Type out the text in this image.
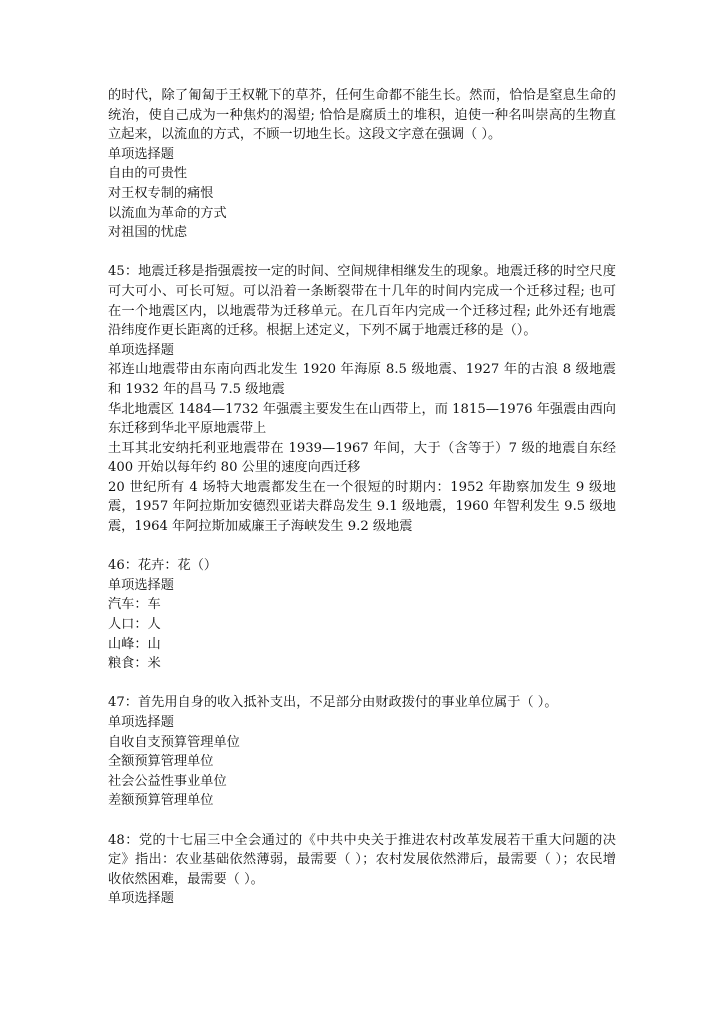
的时代，除了匍匐于王权靴下的草芥，任何生命都不能生长。然而，恰恰是窒息生命的统治，使自己成为一种焦灼的渴望; 恰恰是腐质土的堆积，迫使一种名叫崇高的生物直立起来，以流血的方式，不顾一切地生长。这段文字意在强调（ ）。

单项选择题

自由的可贵性

对王权专制的痛恨

以流血为革命的方式

对祖国的忧虑

45：地震迁移是指强震按一定的时间、空间规律相继发生的现象。地震迁移的时空尺度可大可小、可长可短。可以沿着一条断裂带在十几年的时间内完成一个迁移过程; 也可在一个地震区内，以地震带为迁移单元。在几百年内完成一个迁移过程; 此外还有地震沿纬度作更长距离的迁移。根据上述定义，下列不属于地震迁移的是（）。

单项选择题

祁连山地震带由东南向西北发生 1920 年海原 8.5 级地震、1927 年的古浪 8 级地震和 1932 年的昌马 7.5 级地震

华北地震区 1484—1732 年强震主要发生在山西带上，而 1815—1976 年强震由西向东迁移到华北平原地震带上

土耳其北安纳托利亚地震带在 1939—1967 年间，大于（含等于）7 级的地震自东经 400 开始以每年约 80 公里的速度向西迁移

20 世纪所有 4 场特大地震都发生在一个很短的时期内：1952 年勘察加发生 9 级地震，1957 年阿拉斯加安德烈亚诺夫群岛发生 9.1 级地震，1960 年智利发生 9.5 级地震，1964 年阿拉斯加威廉王子海峡发生 9.2 级地震

46：花卉：花（）

单项选择题

汽车：车

人口：人

山峰：山

粮食：米

47：首先用自身的收入抵补支出，不足部分由财政拨付的事业单位属于（ ）。

单项选择题

自收自支预算管理单位

全额预算管理单位

社会公益性事业单位

差额预算管理单位

48：党的十七届三中全会通过的《中共中央关于推进农村改革发展若干重大问题的决定》指出：农业基础依然薄弱，最需要（ ）；农村发展依然滞后，最需要（ ）；农民增收依然困难，最需要（ ）。

单项选择题
